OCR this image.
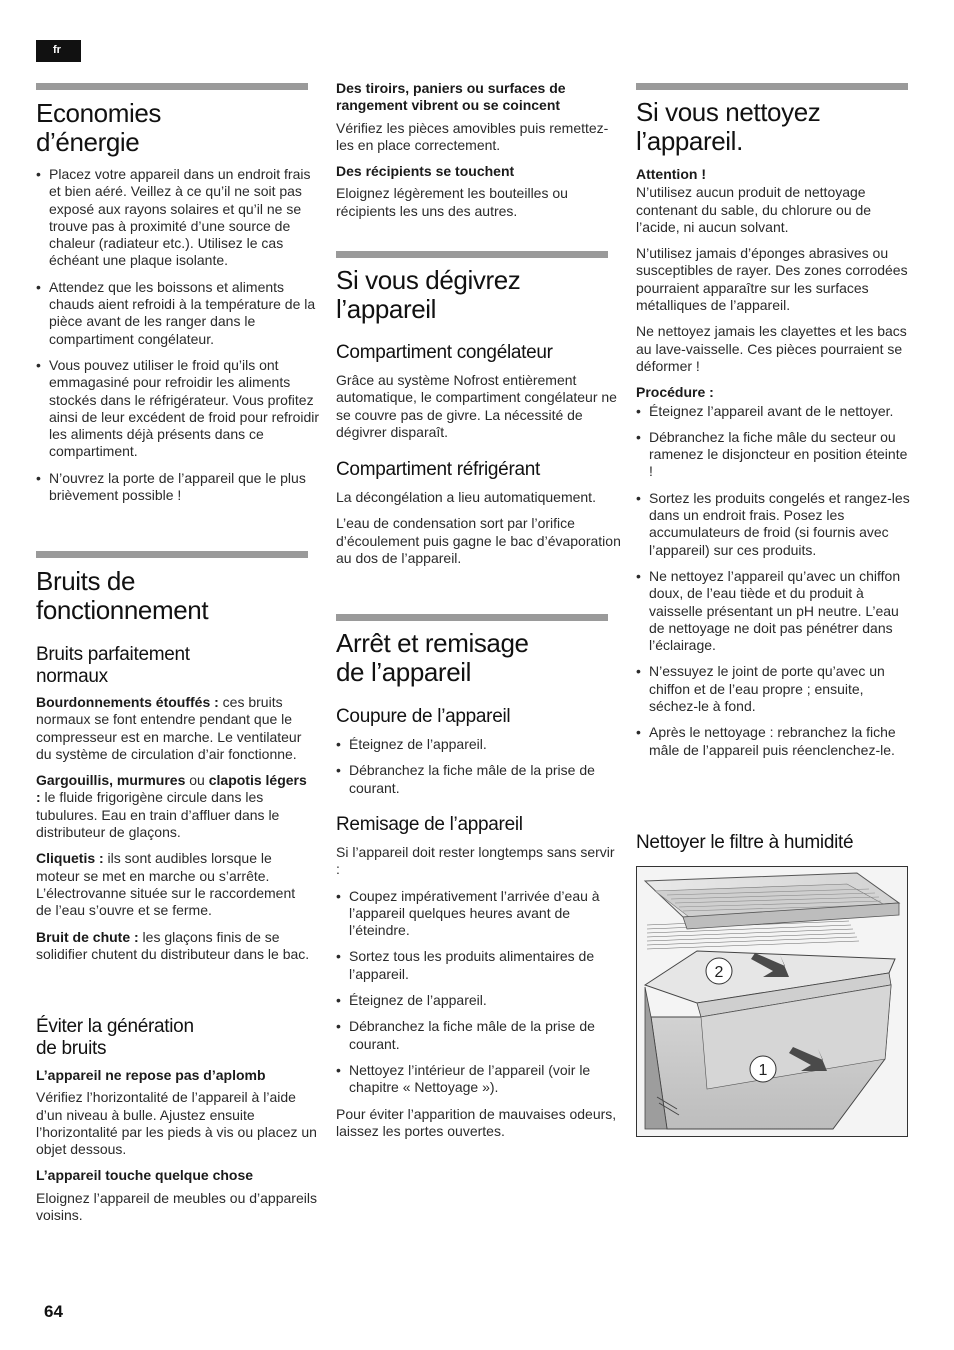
fr
Economies
d’énergie
• Placez votre appareil dans un endroit frais et bien aéré. Veillez à ce qu’il ne soit pas exposé aux rayons solaires et qu’il ne se trouve pas à proximité d’une source de chaleur (radiateur etc.). Utilisez le cas échéant une plaque isolante.
• Attendez que les boissons et aliments chauds aient refroidi à la température de la pièce avant de les ranger dans le compartiment congélateur.
• Vous pouvez utiliser le froid qu’ils ont emmagasiné pour refroidir les aliments stockés dans le réfrigérateur. Vous profitez ainsi de leur excédent de froid pour refroidir les aliments déjà présents dans ce compartiment.
• N’ouvrez la porte de l’appareil que le plus brièvement possible !
Bruits de
fonctionnement
Bruits parfaitement
normaux

Bourdonnements étouffés : ces bruits normaux se font entendre pendant que le compresseur est en marche. Le ventilateur du système de circulation d’air fonctionne.

Gargouillis, murmures ou clapotis légers : le fluide frigorigène circule dans les tubulures. Eau en train d’affluer dans le distributeur de glaçons.

Cliquetis : ils sont audibles lorsque le moteur se met en marche ou s’arrête. L’électrovanne située sur le raccordement de l’eau s’ouvre et se ferme.

Bruit de chute : les glaçons finis de se solidifier chutent du distributeur dans le bac.

Éviter la génération
de bruits

L’appareil ne repose pas d’aplomb

Vérifiez l’horizontalité de l’appareil à l’aide d’un niveau à bulle. Ajustez ensuite l’horizontalité par les pieds à vis ou placez un objet dessous.

L’appareil touche quelque chose

Eloignez l’appareil de meubles ou d’appareils voisins.

Des tiroirs, paniers ou surfaces de rangement vibrent ou se coincent

Vérifiez les pièces amovibles puis remettez-les en place correctement.

Des récipients se touchent

Eloignez légèrement les bouteilles ou récipients les uns des autres.

Si vous dégivrez
l’appareil
Compartiment congélateur

Grâce au système Nofrost entièrement automatique, le compartiment congélateur ne se couvre pas de givre. La nécessité de dégivrer disparaît.

Compartiment réfrigérant

La décongélation a lieu automatiquement.

L’eau de condensation sort par l’orifice d’écoulement puis gagne le bac d’évaporation au dos de l’appareil.

Arrêt et remisage
de l’appareil
Coupure de l’appareil
• Éteignez de l’appareil.
• Débranchez la fiche mâle de la prise de courant.
Remisage de l’appareil

Si l’appareil doit rester longtemps sans servir :

• Coupez impérativement l’arrivée d’eau à l’appareil quelques heures avant de l’éteindre.
• Sortez tous les produits alimentaires de l’appareil.
• Éteignez de l’appareil.
• Débranchez la fiche mâle de la prise de courant.
• Nettoyez l’intérieur de l’appareil (voir le chapitre « Nettoyage »).

Pour éviter l’apparition de mauvaises odeurs, laissez les portes ouvertes.

Si vous nettoyez
l’appareil.

Attention !

N’utilisez aucun produit de nettoyage contenant du sable, du chlorure ou de l’acide, ni aucun solvant.

N’utilisez jamais d’éponges abrasives ou susceptibles de rayer. Des zones corrodées pourraient apparaître sur les surfaces métalliques de l’appareil.

Ne nettoyez jamais les clayettes et les bacs au lave-vaisselle. Ces pièces pourraient se déformer !

Procédure :

• Éteignez l’appareil avant de le nettoyer.
• Débranchez la fiche mâle du secteur ou ramenez le disjoncteur en position éteinte !
• Sortez les produits congelés et rangez-les dans un endroit frais. Posez les accumulateurs de froid (si fournis avec l’appareil) sur ces produits.
• Ne nettoyez l’appareil qu’avec un chiffon doux, de l’eau tiède et du produit à vaisselle présentant un pH neutre. L’eau de nettoyage ne doit pas pénétrer dans l’éclairage.
• N’essuyez le joint de porte qu’avec un chiffon et de l’eau propre ; ensuite, séchez-le à fond.
• Après le nettoyage : rebranchez la fiche mâle de l’appareil puis réenclenchez-le.
Nettoyer le filtre à humidité
2
1
64
